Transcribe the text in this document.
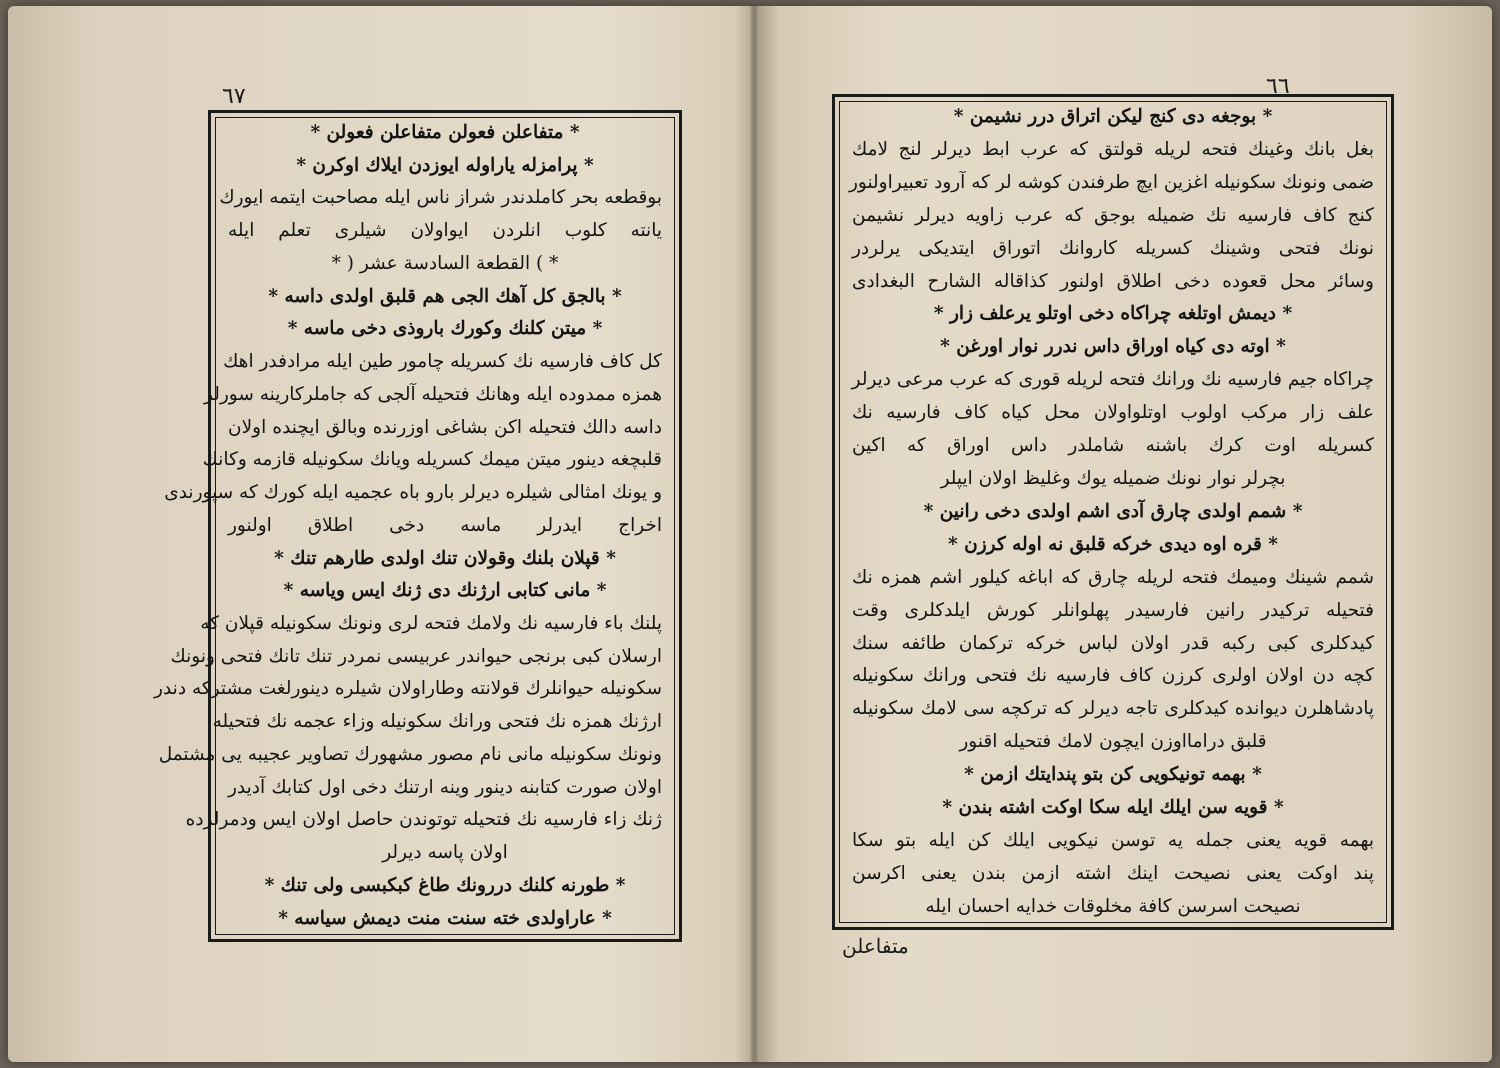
٦٧
* متفاعلن فعولن متفاعلن فعولن *
* پرامزله یاراوله ایوزدن ایلاك اوكرن *
بوقطعه بحر كاملدندر شراز ناس ایله مصاحبت ایتمه ایورك
یانته كلوب انلردن ایواولان شیلری تعلم ایله
* ) القطعة السادسة عشر ( *
* بالجق كل آهك الجی هم قلبق اولدی داسه *
* میتن كلنك وكورك باروذی دخی ماسه *
كل كاف فارسیه نك كسریله چامور طین ایله مرادفدر اهك
همزه ممدوده ایله وهانك فتحیله آلجی كه جاملرکارینه سورلر
داسه دالك فتحیله اكن بشاغی اوزرنده وبالق ایچنده اولان
قلبچغه دینور میتن میمك كسریله ویانك سكونیله قازمه وكانك
و یونك امثالی شیلره دیرلر بارو باه عجمیه ایله كورك كه سپورندی
اخراج ایدرلر ماسه دخی اطلاق اولنور
* قپلان بلنك وقولان تنك اولدی طارهم تنك *
* مانی كتابی ارژنك دی ژنك ایس ویاسه *
پلنك باء فارسیه نك ولامك فتحه لری ونونك سكونیله قپلان كه
ارسلان كبی برنجی حیواندر عربیسی نمردر تنك تانك فتحی ونونك
سكونیله حیوانلرك قولانته وطاراولان شیلره دینورلغت مشتركه دندر
ارژنك همزه نك فتحی ورانك سكونیله وزاء عجمه نك فتحیله
ونونك سكونیله مانی نام مصور مشهورك تصاویر عجیبه یی مشتمل
اولان صورت كتابنه دینور وینه ارتنك دخی اول كتابك آدیدر
ژنك زاء فارسیه نك فتحیله توتوندن حاصل اولان ایس ودمرلرده
اولان پاسه دیرلر
* طورنه كلنك دررونك طاغ كبكبسی ولی تنك *
* عاراولدی خته سنت منت دیمش سیاسه *
٦٦
* بوجغه دی كنج لیكن اتراق درر نشیمن *
بغل بانك وغینك فتحه لریله قولتق كه عرب ابط دیرلر لنج لامك
ضمی ونونك سكونیله اغزین ایچ طرفندن كوشه لر كه آرود تعبیراولنور
كنج كاف فارسیه نك ضمیله بوجق كه عرب زاویه دیرلر نشیمن
نونك فتحی وشینك كسریله كاروانك اتوراق ایتدیكی یرلردر
وسائر محل قعوده دخی اطلاق اولنور كذاقاله الشارح البغدادی
* دیمش اوتلغه چراكاه دخی اوتلو یرعلف زار *
* اوته دی كیاه اوراق داس ندرر نوار اورغن *
چراكاه جیم فارسیه نك ورانك فتحه لریله قوری كه عرب مرعی دیرلر
علف زار مركب اولوب اوتلواولان محل كیاه كاف فارسیه نك
كسریله اوت كرك باشنه شاملدر داس اوراق كه اكین
بچرلر نوار نونك ضمیله یوك وغلیظ اولان ایپلر
* شمم اولدی چارق آدی اشم اولدی دخی رانین *
* قره اوه دیدی خركه قلبق نه اوله كرزن *
شمم شینك ومیمك فتحه لریله چارق كه اباغه كیلور اشم همزه نك
فتحیله تركیدر رانین فارسیدر پهلوانلر كورش ایلدكلری وقت
كیدكلری كبی ركبه قدر اولان لباس خركه تركمان طائفه سنك
كچه دن اولان اولری كرزن كاف فارسیه نك فتحی ورانك سكونیله
پادشاهلرن دیوانده كیدكلری تاجه دیرلر كه تركچه سی لامك سكونیله
قلبق درامااوزن ایچون لامك فتحیله اقنور
* بهمه تونیكویی كن بتو پندایتك ازمن *
* قویه سن ایلك ایله سكا اوكت اشته بندن *
بهمه قویه یعنی جمله یه توسن نیكویی ایلك كن ایله بتو سكا
پند اوكت یعنی نصیحت اینك اشته ازمن بندن یعنی اكرسن
نصیحت اسرسن كافة مخلوقات خدایه احسان ایله
متفاعلن
